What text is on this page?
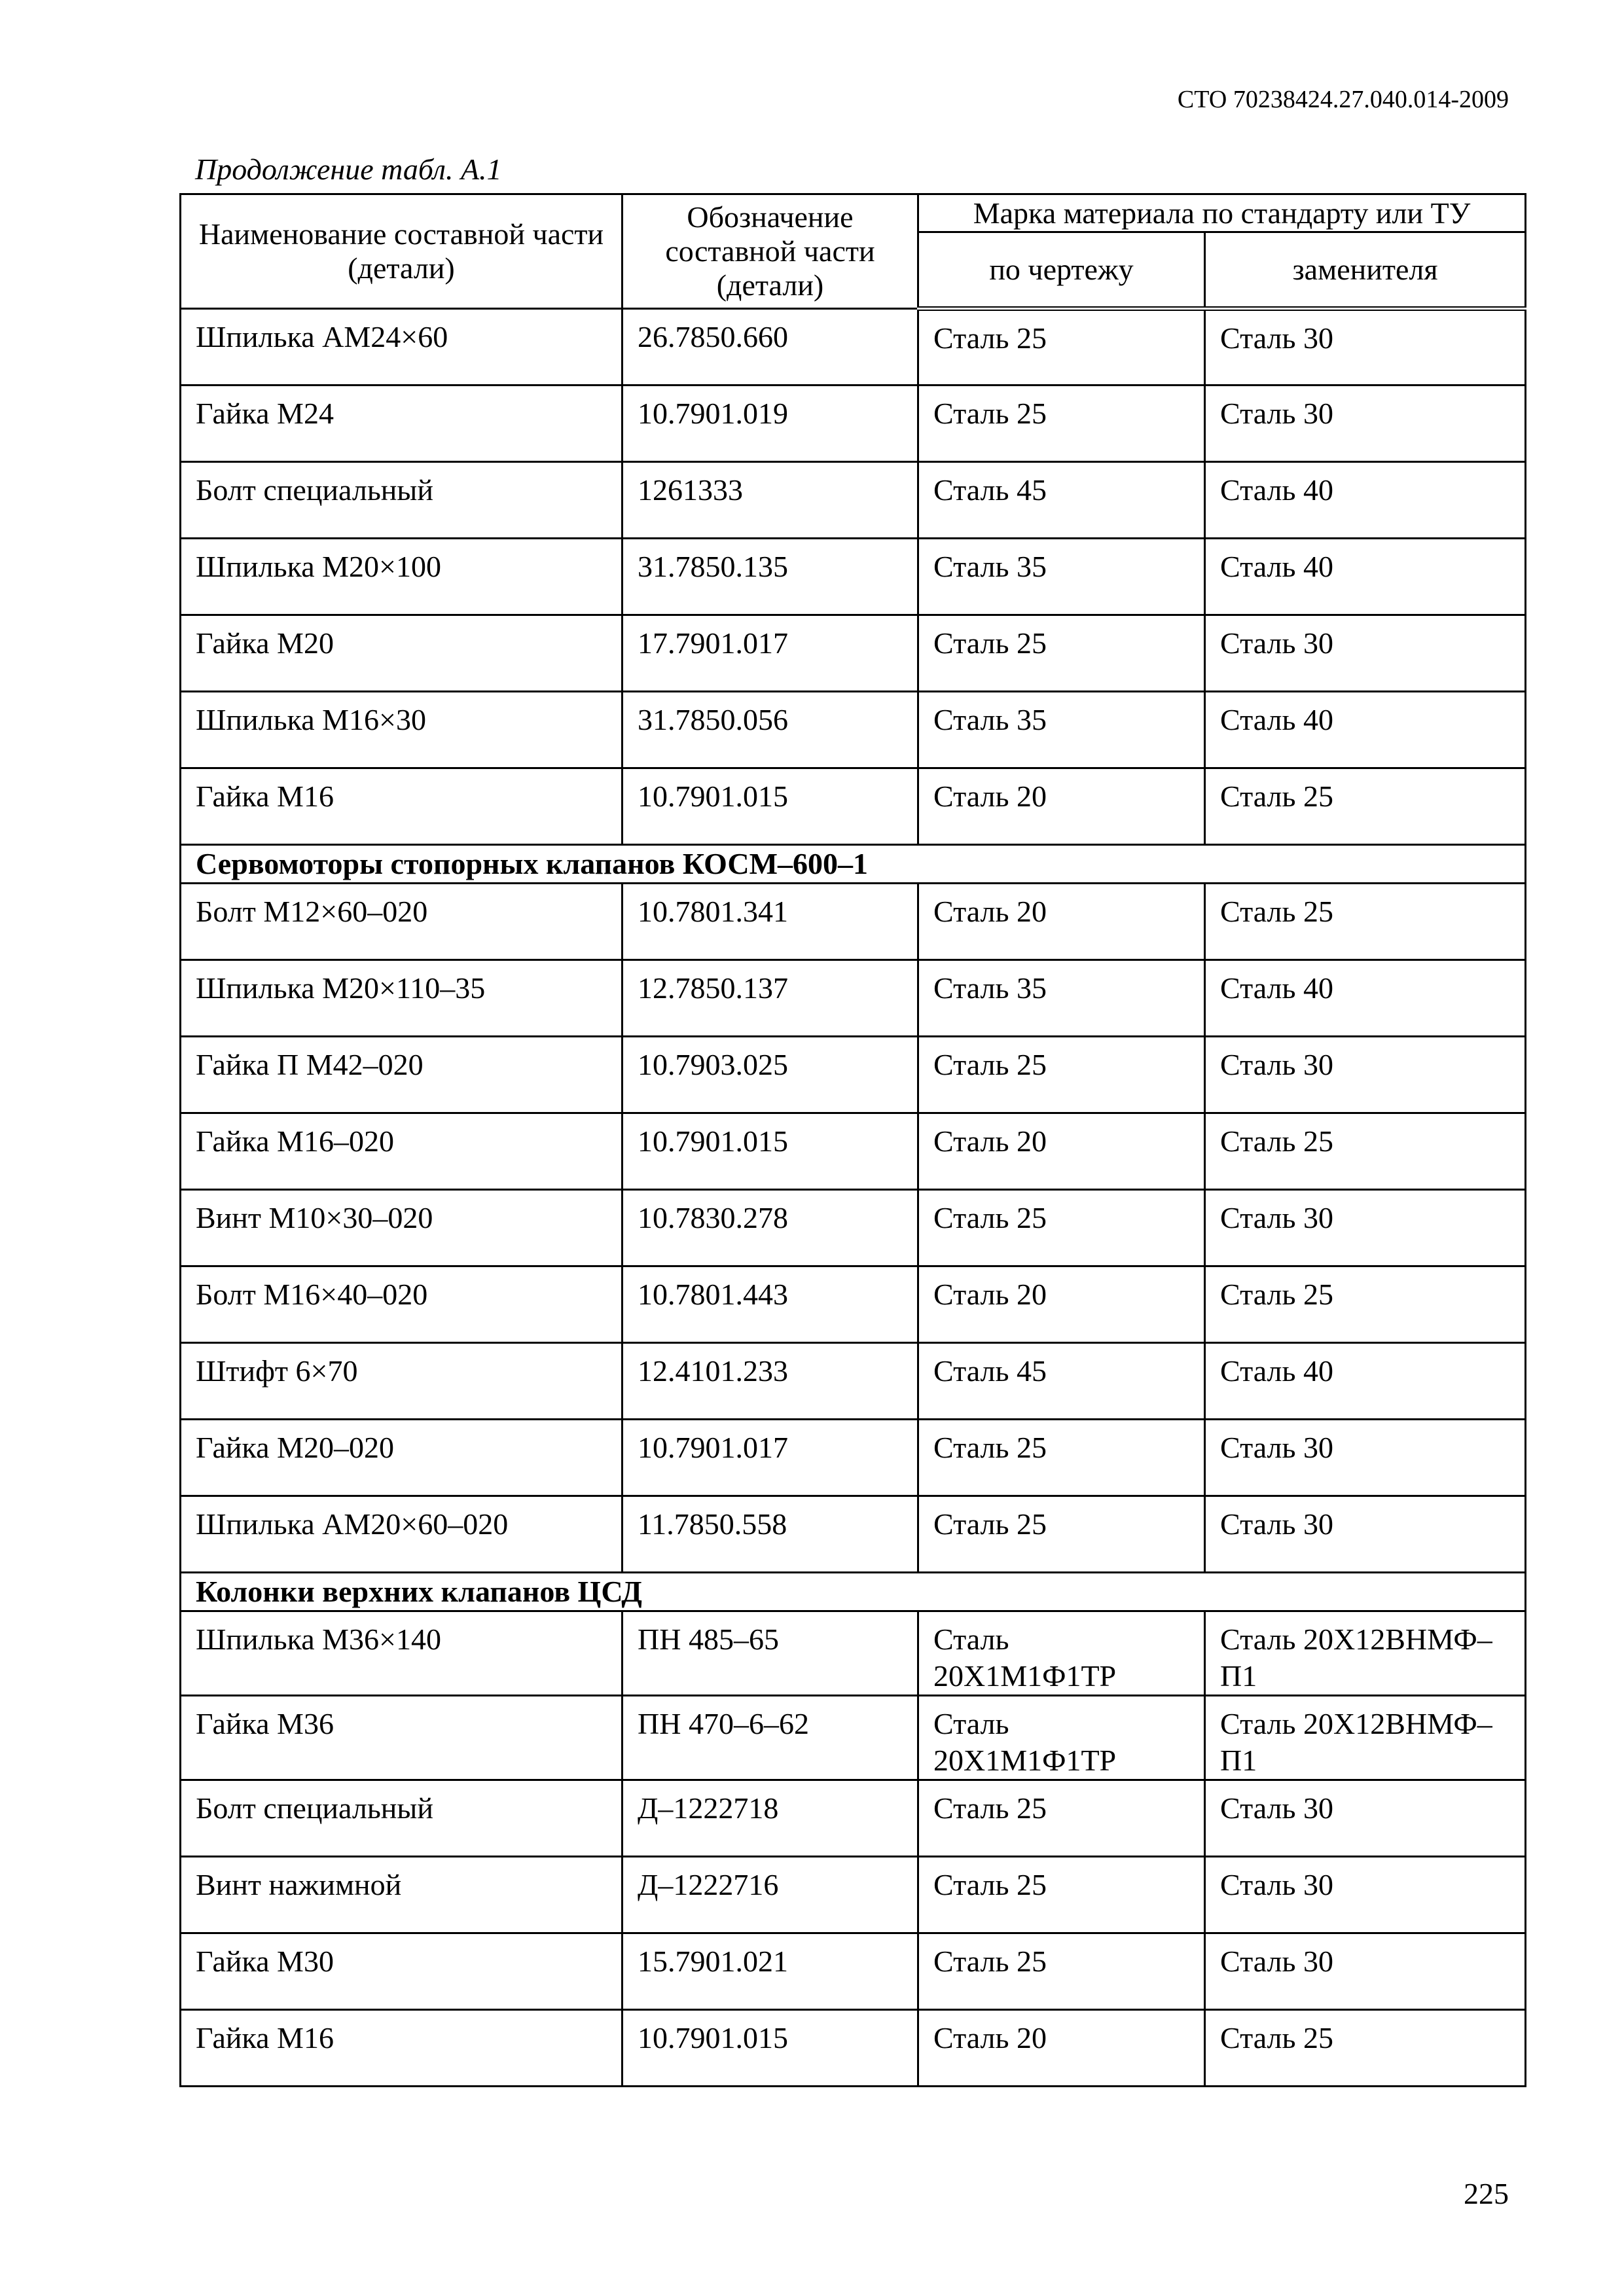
СТО 70238424.27.040.014-2009
Продолжение табл. А.1
Наименование составной части (детали)	Обозначение составной части (детали)	Марка материала по стандарту или ТУ	
		по чертежу	заменителя
Шпилька АМ24×60	26.7850.660	Сталь 25	Сталь 30
Гайка М24	10.7901.019	Сталь 25	Сталь 30
Болт специальный	1261333	Сталь 45	Сталь 40
Шпилька М20×100	31.7850.135	Сталь 35	Сталь 40
Гайка М20	17.7901.017	Сталь 25	Сталь 30
Шпилька М16×30	31.7850.056	Сталь 35	Сталь 40
Гайка М16	10.7901.015	Сталь 20	Сталь 25
Сервомоторы стопорных клапанов КОСМ–600–1			
Болт М12×60–020	10.7801.341	Сталь 20	Сталь 25
Шпилька М20×110–35	12.7850.137	Сталь 35	Сталь 40
Гайка П М42–020	10.7903.025	Сталь 25	Сталь 30
Гайка М16–020	10.7901.015	Сталь 20	Сталь 25
Винт М10×30–020	10.7830.278	Сталь 25	Сталь 30
Болт М16×40–020	10.7801.443	Сталь 20	Сталь 25
Штифт 6×70	12.4101.233	Сталь 45	Сталь 40
Гайка М20–020	10.7901.017	Сталь 25	Сталь 30
Шпилька АМ20×60–020	11.7850.558	Сталь 25	Сталь 30
Колонки верхних клапанов ЦСД			
Шпилька М36×140	ПН 485–65	Сталь 20Х1М1Ф1ТР	Сталь 20Х12ВНМФ–П1
Гайка М36	ПН 470–6–62	Сталь 20Х1М1Ф1ТР	Сталь 20Х12ВНМФ–П1
Болт специальный	Д–1222718	Сталь 25	Сталь 30
Винт нажимной	Д–1222716	Сталь 25	Сталь 30
Гайка М30	15.7901.021	Сталь 25	Сталь 30
Гайка М16	10.7901.015	Сталь 20	Сталь 25
225
